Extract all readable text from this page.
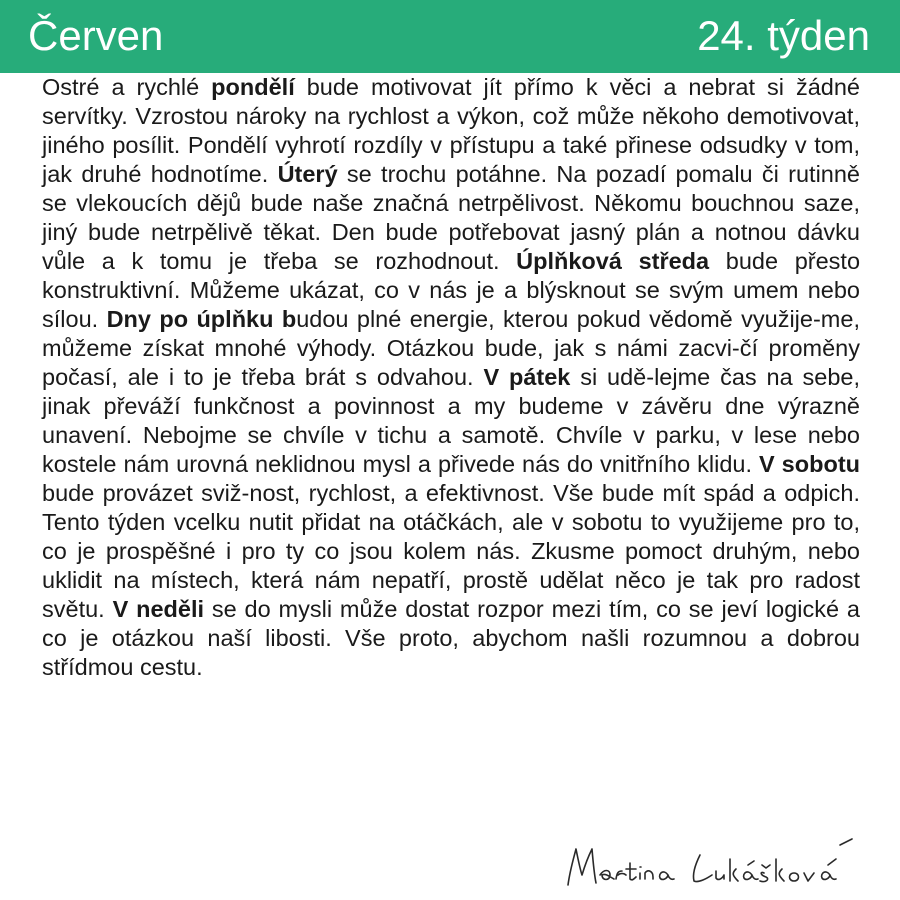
Červen	24. týden

Ostré a rychlé pondělí bude motivovat jít přímo k věci a nebrat si žádné servítky. Vzrostou nároky na rychlost a výkon, což může někoho demotivovat, jiného posílit. Pondělí vyhrotí rozdíly v přístupu a také přinese odsudky v tom, jak druhé hodnotíme. Úterý se trochu potáhne. Na pozadí pomalu či rutinně se vlekoucích dějů bude naše značná netrpělivost. Někomu bouchnou saze, jiný bude netrpělivě těkat. Den bude potřebovat jasný plán a notnou dávku vůle a k tomu je třeba se rozhodnout. Úplňková středa bude přesto konstruktivní. Můžeme ukázat, co v nás je a blýsknout se svým umem nebo sílou. Dny po úplňku budou plné energie, kterou pokud vědomě využije-me, můžeme získat mnohé výhody. Otázkou bude, jak s námi zacvi-čí proměny počasí, ale i to je třeba brát s odvahou. V pátek si udě-lejme čas na sebe, jinak převáží funkčnost a povinnost a my budeme v závěru dne výrazně unavení. Nebojme se chvíle v tichu a samotě. Chvíle v parku, v lese nebo kostele nám urovná neklidnou mysl a přivede nás do vnitřního klidu. V sobotu bude provázet sviž-nost, rychlost, a efektivnost. Vše bude mít spád a odpich. Tento týden vcelku nutit přidat na otáčkách, ale v sobotu to využijeme pro to, co je prospěšné i pro ty co jsou kolem nás. Zkusme pomoct druhým, nebo uklidit na místech, která nám nepatří, prostě udělat něco je tak pro radost světu. V neděli se do mysli může dostat rozpor mezi tím, co se jeví logické a co je otázkou naší libosti. Vše proto, abychom našli rozumnou a dobrou střídmou cestu.
